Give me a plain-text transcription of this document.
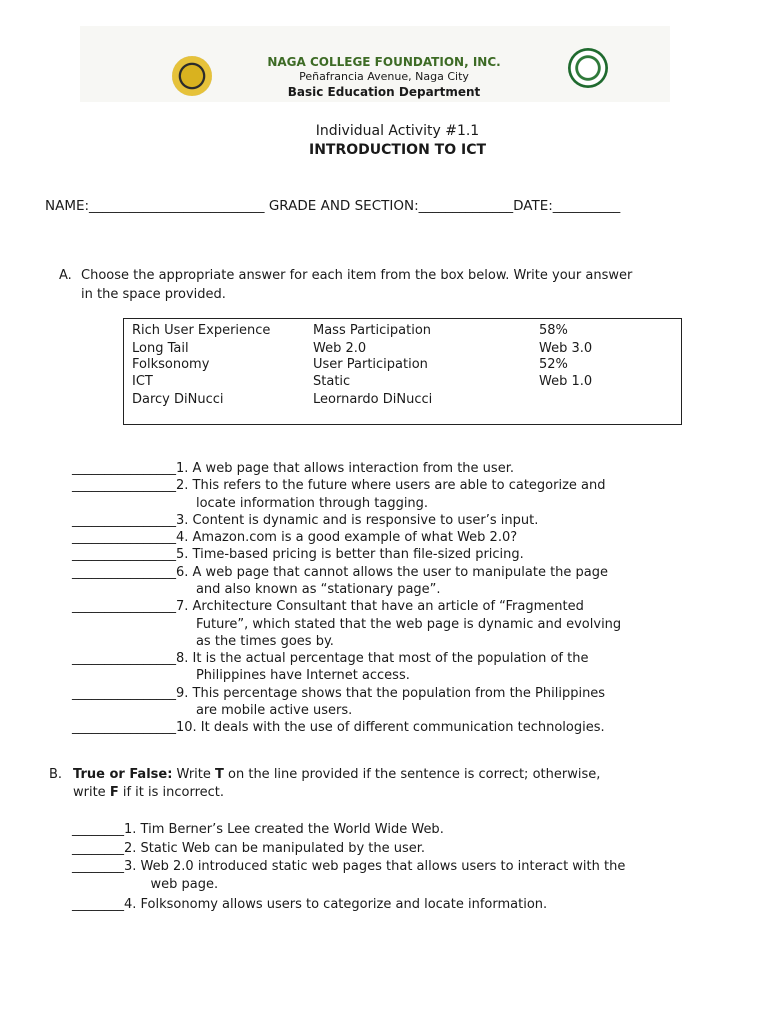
NAGA COLLEGE FOUNDATION, INC.
Peñafrancia Avenue, Naga City
Basic Education Department
Individual Activity #1.1
INTRODUCTION TO ICT
NAME:__________________________ GRADE AND SECTION:______________DATE:__________
A. Choose the appropriate answer for each item from the box below. Write your answer
in the space provided.
Rich User Experience
Long Tail
Folksonomy
ICT
Darcy DiNucci
Mass Participation
Web 2.0
User Participation
Static
Leornardo DiNucci
58%
Web 3.0
52%
Web 1.0
________________1. A web page that allows interaction from the user.
________________2. This refers to the future where users are able to categorize and
locate information through tagging.
________________3. Content is dynamic and is responsive to user’s input.
________________4. Amazon.com is a good example of what Web 2.0?
________________5. Time-based pricing is better than file-sized pricing.
________________6. A web page that cannot allows the user to manipulate the page
and also known as “stationary page”.
________________7. Architecture Consultant that have an article of “Fragmented
Future”, which stated that the web page is dynamic and evolving
as the times goes by.
________________8. It is the actual percentage that most of the population of the
Philippines have Internet access.
________________9. This percentage shows that the population from the Philippines
are mobile active users.
________________10. It deals with the use of different communication technologies.
B. True or False: Write T on the line provided if the sentence is correct; otherwise,
write F if it is incorrect.
________1. Tim Berner’s Lee created the World Wide Web.
________2. Static Web can be manipulated by the user.
________3. Web 2.0 introduced static web pages that allows users to interact with the
web page.
________4. Folksonomy allows users to categorize and locate information.
